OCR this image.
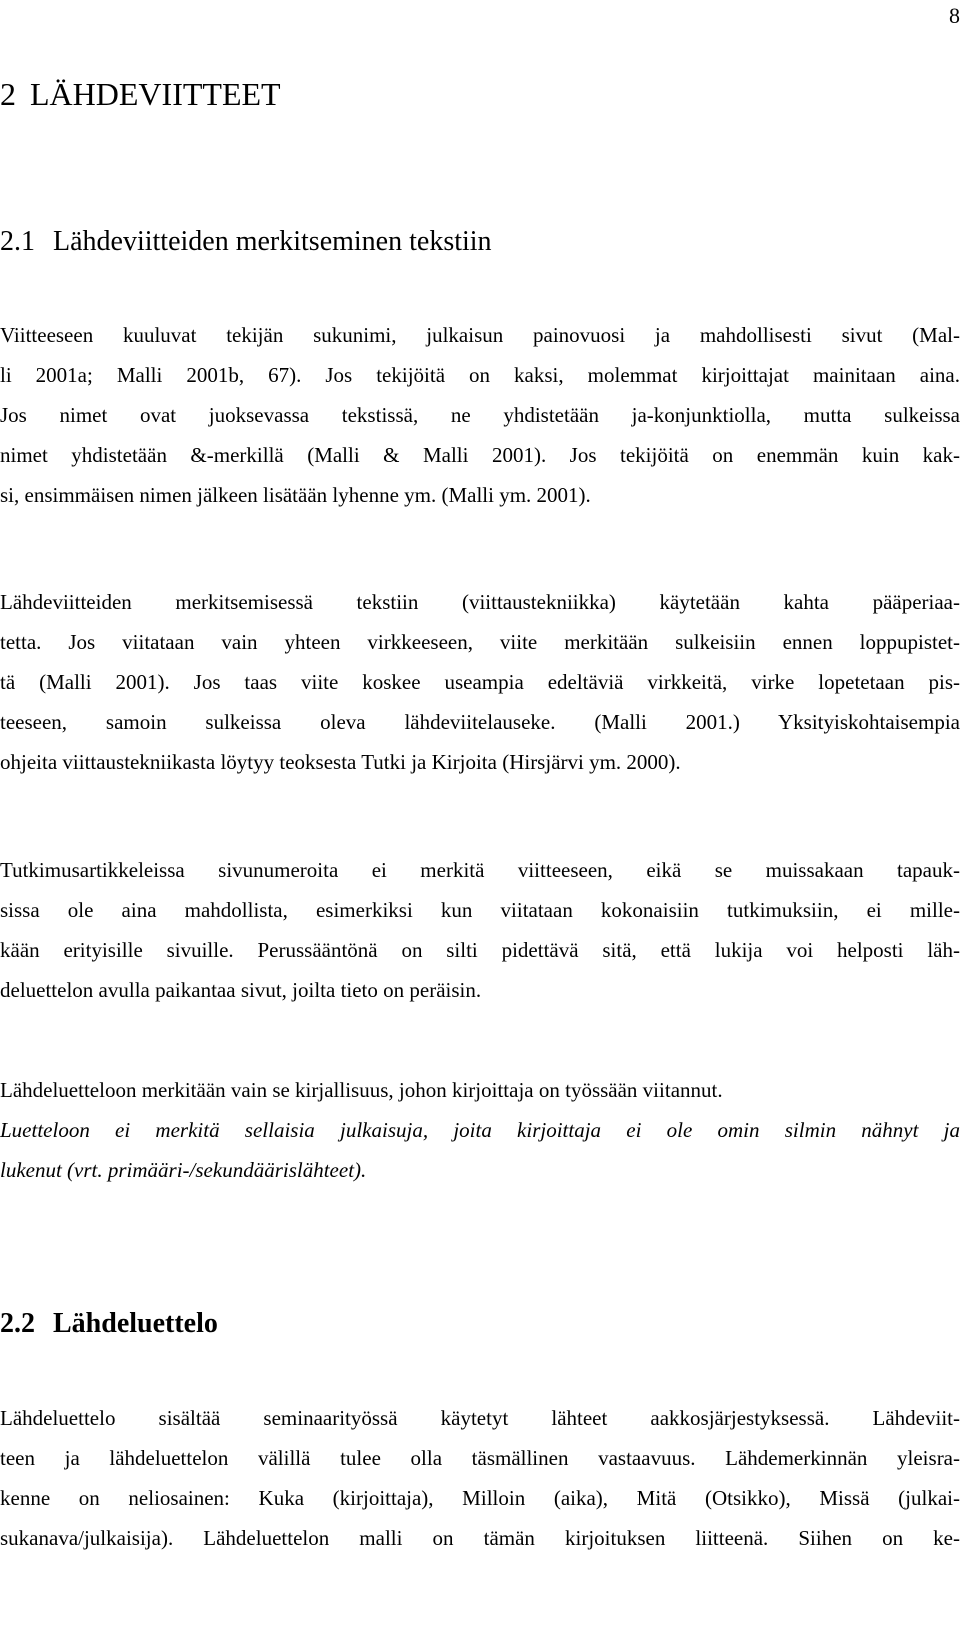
8
2 LÄHDEVIITTEET
2.1 Lähdeviitteiden merkitseminen tekstiin
Viitteeseen kuuluvat tekijän sukunimi, julkaisun painovuosi ja mahdollisesti sivut (Mal-
li 2001a; Malli 2001b, 67). Jos tekijöitä on kaksi, molemmat kirjoittajat mainitaan aina.
Jos nimet ovat juoksevassa tekstissä, ne yhdistetään ja-konjunktiolla, mutta sulkeissa
nimet yhdistetään &-merkillä (Malli & Malli 2001). Jos tekijöitä on enemmän kuin kak-
si, ensimmäisen nimen jälkeen lisätään lyhenne ym. (Malli ym. 2001).
Lähdeviitteiden merkitsemisessä tekstiin (viittaustekniikka) käytetään kahta pääperiaa-
tetta. Jos viitataan vain yhteen virkkeeseen, viite merkitään sulkeisiin ennen loppupistet-
tä (Malli 2001). Jos taas viite koskee useampia edeltäviä virkkeitä, virke lopetetaan pis-
teeseen, samoin sulkeissa oleva lähdeviitelauseke. (Malli 2001.) Yksityiskohtaisempia
ohjeita viittaustekniikasta löytyy teoksesta Tutki ja Kirjoita (Hirsjärvi ym. 2000).
Tutkimusartikkeleissa sivunumeroita ei merkitä viitteeseen, eikä se muissakaan tapauk-
sissa ole aina mahdollista, esimerkiksi kun viitataan kokonaisiin tutkimuksiin, ei mille-
kään erityisille sivuille. Perussääntönä on silti pidettävä sitä, että lukija voi helposti läh-
deluettelon avulla paikantaa sivut, joilta tieto on peräisin.
Lähdeluetteloon merkitään vain se kirjallisuus, johon kirjoittaja on työssään viitannut.
Luetteloon ei merkitä sellaisia julkaisuja, joita kirjoittaja ei ole omin silmin nähnyt ja
lukenut (vrt. primääri-/sekundäärislähteet).
2.2 Lähdeluettelo
Lähdeluettelo sisältää seminaarityössä käytetyt lähteet aakkosjärjestyksessä. Lähdeviit-
teen ja lähdeluettelon välillä tulee olla täsmällinen vastaavuus. Lähdemerkinnän yleisra-
kenne on neliosainen: Kuka (kirjoittaja), Milloin (aika), Mitä (Otsikko), Missä (julkai-
sukanava/julkaisija). Lähdeluettelon malli on tämän kirjoituksen liitteenä. Siihen on ke-
